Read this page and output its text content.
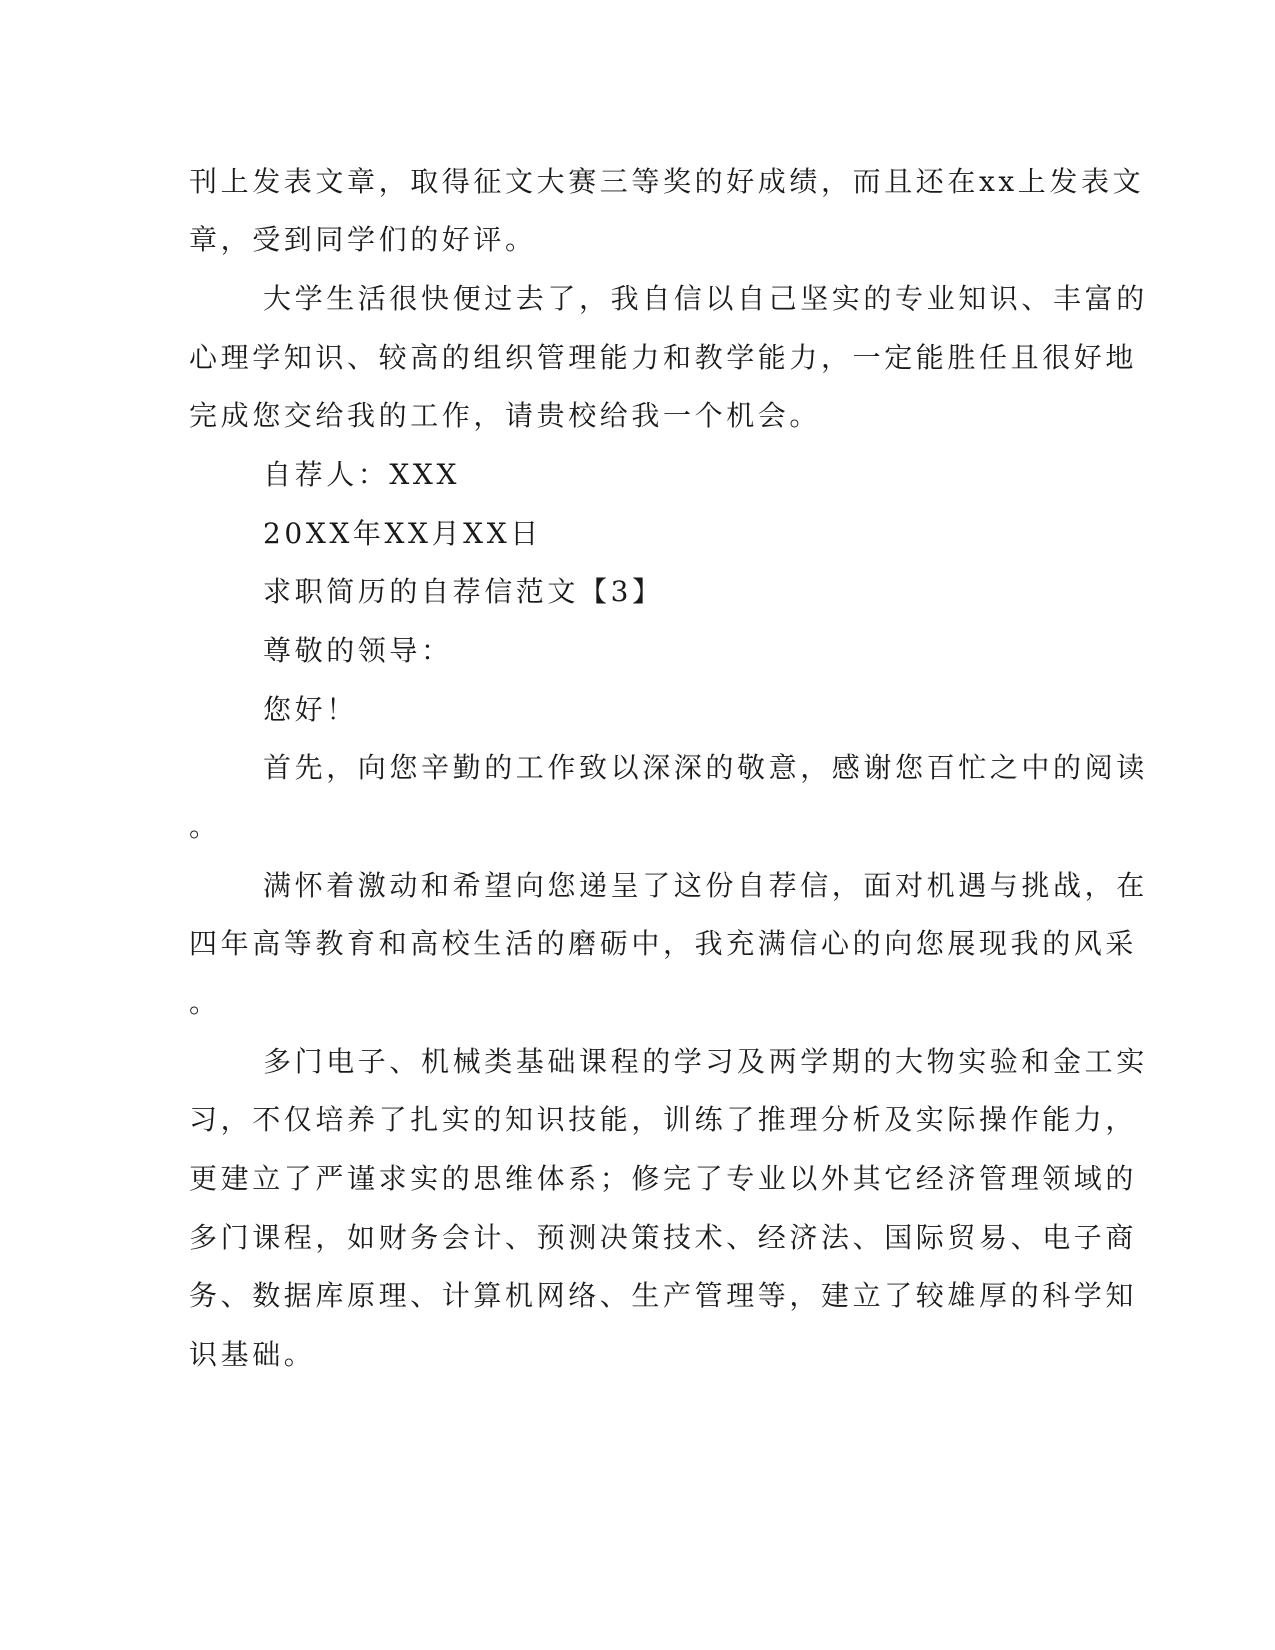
刊上发表文章，取得征文大赛三等奖的好成绩，而且还在xx上发表文
章，受到同学们的好评。
大学生活很快便过去了，我自信以自己坚实的专业知识、丰富的
心理学知识、较高的组织管理能力和教学能力，一定能胜任且很好地
完成您交给我的工作，请贵校给我一个机会。
自荐人：XXX
20XX年XX月XX日
求职简历的自荐信范文【3】
尊敬的领导：
您好！
首先，向您辛勤的工作致以深深的敬意，感谢您百忙之中的阅读
。
满怀着激动和希望向您递呈了这份自荐信，面对机遇与挑战，在
四年高等教育和高校生活的磨砺中，我充满信心的向您展现我的风采
。
多门电子、机械类基础课程的学习及两学期的大物实验和金工实
习，不仅培养了扎实的知识技能，训练了推理分析及实际操作能力，
更建立了严谨求实的思维体系；修完了专业以外其它经济管理领域的
多门课程，如财务会计、预测决策技术、经济法、国际贸易、电子商
务、数据库原理、计算机网络、生产管理等，建立了较雄厚的科学知
识基础。
